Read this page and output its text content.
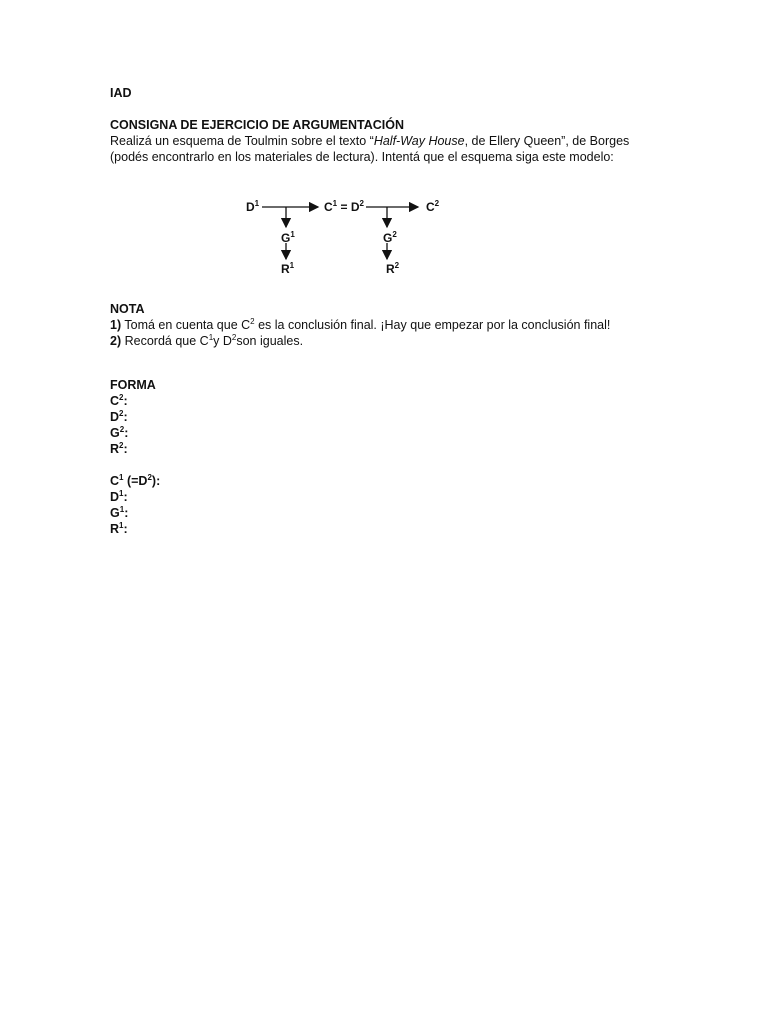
IAD
CONSIGNA DE EJERCICIO DE ARGUMENTACIÓN
Realizá un esquema de Toulmin sobre el texto “Half-Way House, de Ellery Queen”, de Borges
(podés encontrarlo en los materiales de lectura). Intentá que el esquema siga este modelo:
$D^1$	$C^1 = D^2$	$C^2$
$G^1$
$R^1$
$G^2$
$R^2$
NOTA
1) Tomá en cuenta que $C^2$ es la conclusión final. ¡Hay que empezar por la conclusión final!
2) Recordá que $C^1y$ $D^2son$ iguales.
FORMA
$C^2$:
$D^2$:
$G^2$:
$R^2$:
$C^1$ $(=D^2)$:
$D^1$:
$G^1$:
$R^1$:
